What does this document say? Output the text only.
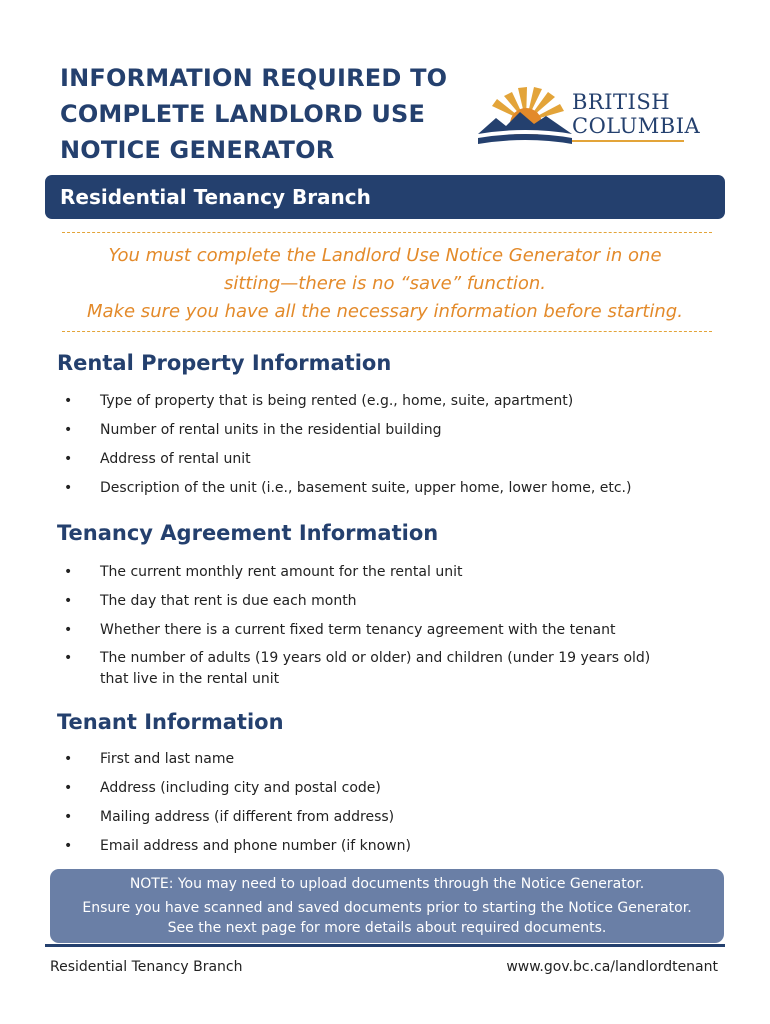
INFORMATION REQUIRED TO
COMPLETE LANDLORD USE
NOTICE GENERATOR
BRITISH
COLUMBIA
Residential Tenancy Branch
You must complete the Landlord Use Notice Generator in one
sitting—there is no “save” function.
Make sure you have all the necessary information before starting.
Rental Property Information
• Type of property that is being rented (e.g., home, suite, apartment)
• Number of rental units in the residential building
• Address of rental unit
• Description of the unit (i.e., basement suite, upper home, lower home, etc.)
Tenancy Agreement Information
• The current monthly rent amount for the rental unit
• The day that rent is due each month
• Whether there is a current fixed term tenancy agreement with the tenant
• The number of adults (19 years old or older) and children (under 19 years old) that live in the rental unit
Tenant Information
• First and last name
• Address (including city and postal code)
• Mailing address (if different from address)
• Email address and phone number (if known)
NOTE: You may need to upload documents through the Notice Generator.
Ensure you have scanned and saved documents prior to starting the Notice Generator.
See the next page for more details about required documents.
Residential Tenancy Branch	www.gov.bc.ca/landlordtenant
